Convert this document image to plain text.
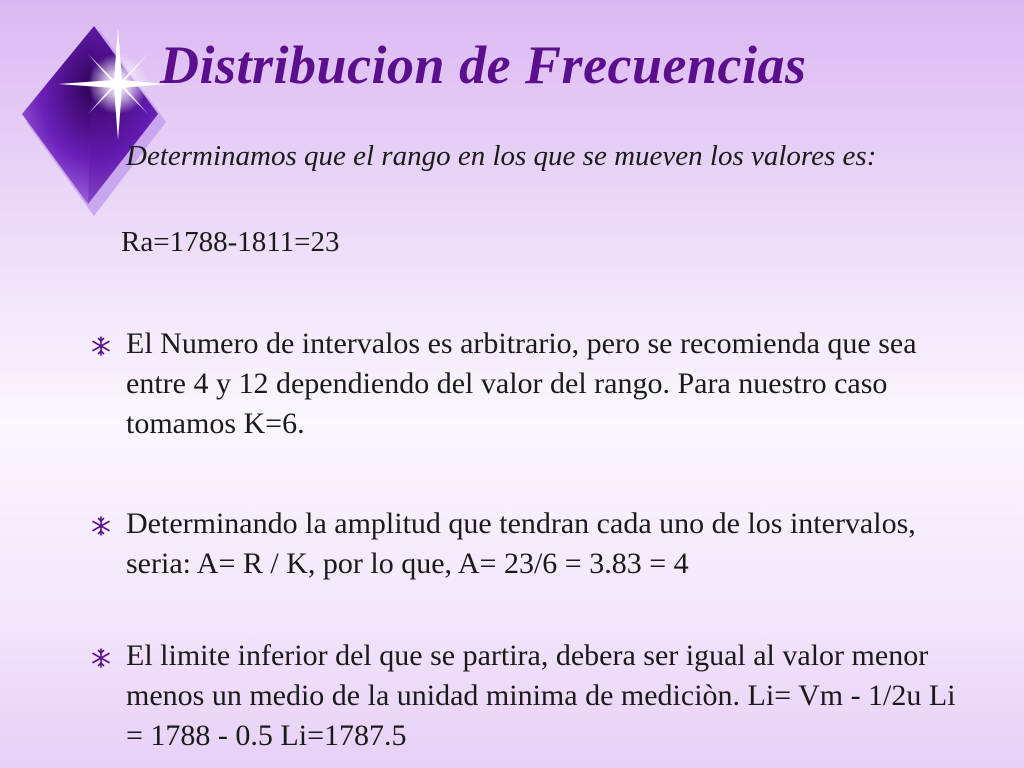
Distribucion de Frecuencias

Determinamos que el rango en los que se mueven los valores es:

Ra=1788-1811=23

El Numero de intervalos es arbitrario, pero se recomienda que sea entre 4 y 12 dependiendo del valor del rango. Para nuestro caso tomamos K=6.

Determinando la amplitud que tendran cada uno de los intervalos, seria: A= R / K, por lo que, A= 23/6 = 3.83 = 4

El limite inferior del que se partira, debera ser igual al valor menor menos un medio de la unidad minima de mediciòn. Li= Vm - 1/2u Li = 1788 - 0.5 Li=1787.5
